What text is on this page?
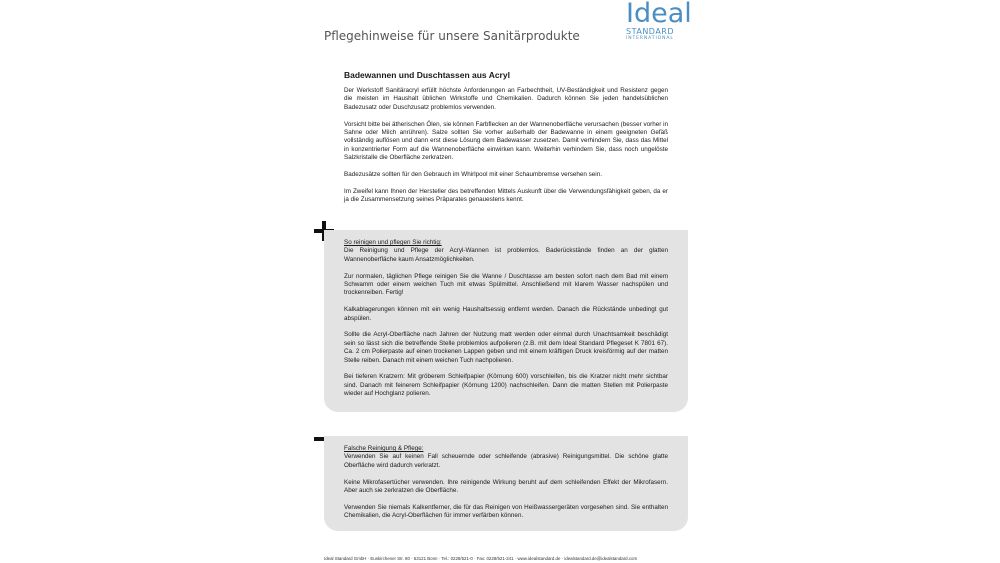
Pflegehinweise für unsere Sanitärprodukte
Ideal
STANDARD
INTERNATIONAL
Badewannen und Duschtassen aus Acryl

Der Werkstoff Sanitäracryl erfüllt höchste Anforderungen an Farbechtheit, UV-Beständigkeit und Resistenz gegen die meisten im Haushalt üblichen Wirkstoffe und Chemikalien. Dadurch können Sie jeden handelsüblichen Badezusatz oder Duschzusatz problemlos verwenden.

Vorsicht bitte bei ätherischen Ölen, sie können Farbflecken an der Wannenoberfläche verursachen (besser vorher in Sahne oder Milch anrühren). Salze sollten Sie vorher außerhalb der Badewanne in einem geeigneten Gefäß vollständig auflösen und dann erst diese Lösung dem Badewasser zusetzen. Damit verhindern Sie, dass das Mittel in konzentrierter Form auf die Wannenoberfläche einwirken kann. Weiterhin verhindern Sie, dass noch ungelöste Salzkristalle die Oberfläche zerkratzen.

Badezusätze sollten für den Gebrauch im Whirlpool mit einer Schaumbremse versehen sein.

Im Zweifel kann Ihnen der Hersteller des betreffenden Mittels Auskunft über die Verwendungsfähigkeit geben, da er ja die Zusammensetzung seines Präparates genauestens kennt.

So reinigen und pflegen Sie richtig:

Die Reinigung und Pflege der Acryl-Wannen ist problemlos. Baderückstände finden an der glatten Wannenoberfläche kaum Ansatzmöglichkeiten.

Zur normalen, täglichen Pflege reinigen Sie die Wanne / Duschtasse am besten sofort nach dem Bad mit einem Schwamm oder einem weichen Tuch mit etwas Spülmittel. Anschließend mit klarem Wasser nachspülen und trockenreiben. Fertig!

Kalkablagerungen können mit ein wenig Haushaltsessig entfernt werden. Danach die Rückstände unbedingt gut abspülen.

Sollte die Acryl-Oberfläche nach Jahren der Nutzung matt werden oder einmal durch Unachtsamkeit beschädigt sein so lässt sich die betreffende Stelle problemlos aufpolieren (z.B. mit dem Ideal Standard Pflegeset K 7801 67). Ca. 2 cm Polierpaste auf einen trockenen Lappen geben und mit einem kräftigen Druck kreisförmig auf der matten Stelle reiben. Danach mit einem weichen Tuch nachpolieren.

Bei tieferen Kratzern: Mit gröberem Schleifpapier (Körnung 600) vorschleifen, bis die Kratzer nicht mehr sichtbar sind. Danach mit feinerem Schleifpapier (Körnung 1200) nachschleifen. Dann die matten Stellen mit Polierpaste wieder auf Hochglanz polieren.

Falsche Reinigung & Pflege:

Verwenden Sie auf keinen Fall scheuernde oder schleifende (abrasive) Reinigungsmittel. Die schöne glatte Oberfläche wird dadurch verkratzt.

Keine Mikrofasertücher verwenden. Ihre reinigende Wirkung beruht auf dem schleifenden Effekt der Mikrofasern. Aber auch sie zerkratzen die Oberfläche.

Verwenden Sie niemals Kalkentferner, die für das Reinigen von Heißwassergeräten vorgesehen sind. Sie enthalten Chemikalien, die Acryl-Oberflächen für immer verfärben können.

Ideal Standard GmbH · Euskirchener Str. 80 · 53121 Bonn · Tel.: 0228/521-0 · Fax: 0228/521-241 · www.idealstandard.de · idealstandard.de@idealstandard.com
